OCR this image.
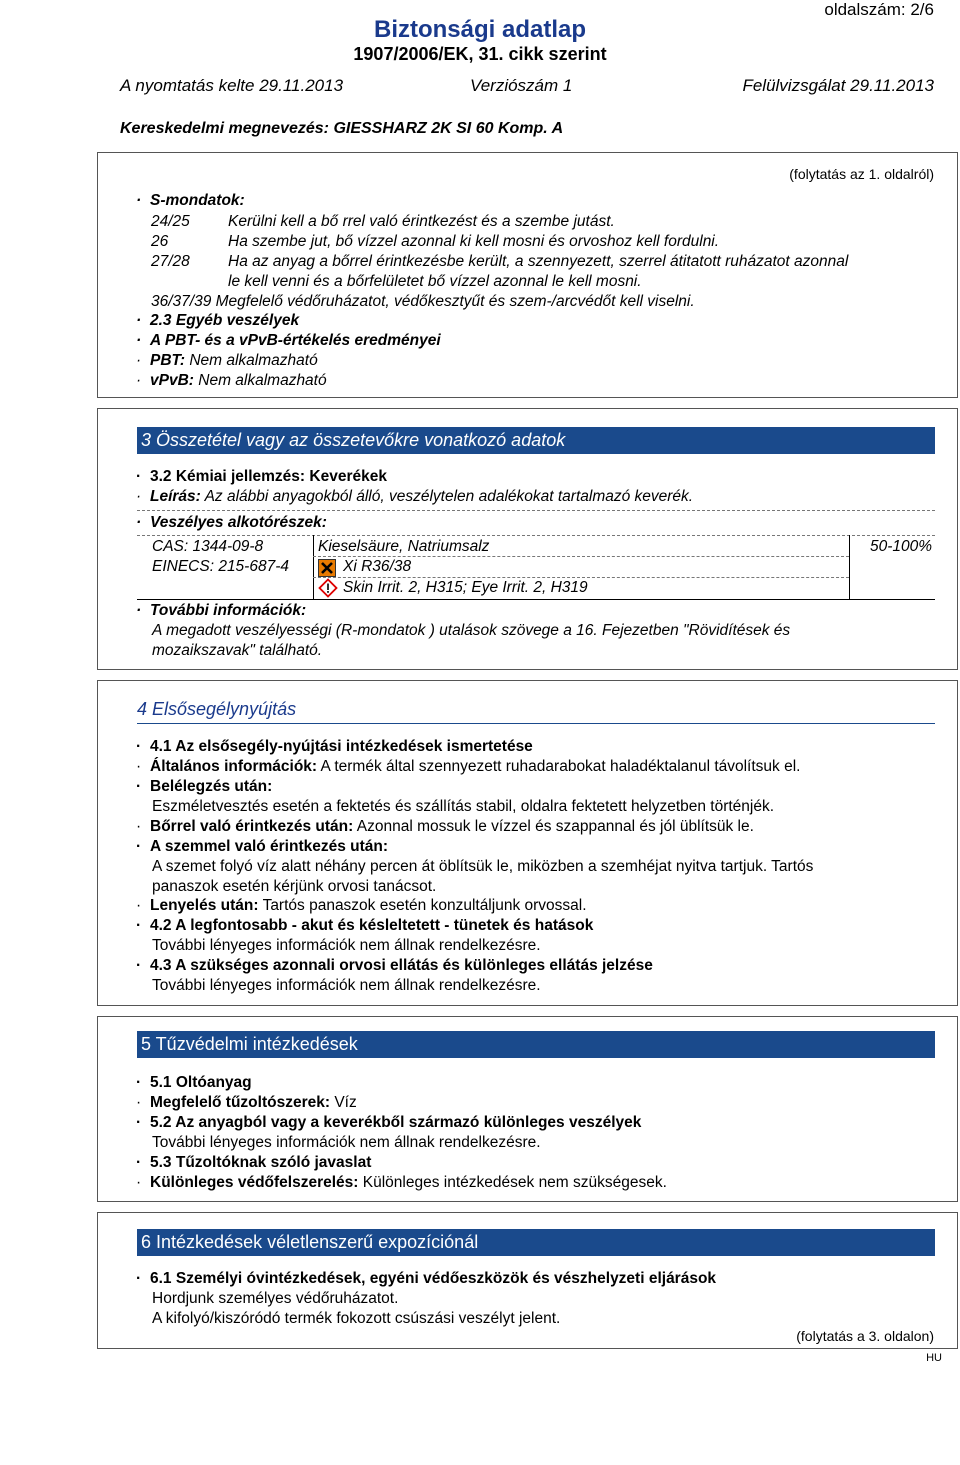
oldalszám: 2/6
Biztonsági adatlap
1907/2006/EK, 31. cikk szerint
A nyomtatás kelte 29.11.2013	Verziószám 1	Felülvizsgálat 29.11.2013
Kereskedelmi megnevezés: GIESSHARZ 2K SI 60 Komp. A
(folytatás az 1. oldalról)
· S-mondatok:
24/25 Kerülni kell a bő rrel való érintkezést és a szembe jutást.
26	Ha szembe jut, bő vízzel azonnal ki kell mosni és orvoshoz kell fordulni.
27/28 Ha az anyag a bőrrel érintkezésbe került, a szennyezett, szerrel átitatott ruházatot azonnal
le kell venni és a bőrfelületet bő vízzel azonnal le kell mosni.
36/37/39 Megfelelő védőruházatot, védőkesztyűt és szem-/arcvédőt kell viselni.
· 2.3 Egyéb veszélyek
· A PBT- és a vPvB-értékelés eredményei
· PBT: Nem alkalmazható
· vPvB: Nem alkalmazható
3 Összetétel vagy az összetevőkre vonatkozó adatok
· 3.2 Kémiai jellemzés: Keverékek
· Leírás: Az alábbi anyagokból álló, veszélytelen adalékokat tartalmazó keverék.
· Veszélyes alkotórészek:
CAS: 1344-09-8
EINECS: 215-687-4
Kieselsäure, Natriumsalz	50-100%
Xi R36/38
Skin Irrit. 2, H315; Eye Irrit. 2, H319
· További információk:
A megadott veszélyességi (R-mondatok ) utalások szövege a 16. Fejezetben "Rövidítések és
mozaikszavak" található.
4 Elsősegélynyújtás
· 4.1 Az elsősegély-nyújtási intézkedések ismertetése
· Általános információk: A termék által szennyezett ruhadarabokat haladéktalanul távolítsuk el.
· Belélegzés után:
Eszméletvesztés esetén a fektetés és szállítás stabil, oldalra fektetett helyzetben történjék.
· Bőrrel való érintkezés után: Azonnal mossuk le vízzel és szappannal és jól üblítsük le.
· A szemmel való érintkezés után:
A szemet folyó víz alatt néhány percen át öblítsük le, miközben a szemhéjat nyitva tartjuk. Tartós
panaszok esetén kérjünk orvosi tanácsot.
· Lenyelés után: Tartós panaszok esetén konzultáljunk orvossal.
· 4.2 A legfontosabb - akut és késleltetett - tünetek és hatások
További lényeges információk nem állnak rendelkezésre.
· 4.3 A szükséges azonnali orvosi ellátás és különleges ellátás jelzése
További lényeges információk nem állnak rendelkezésre.
5 Tűzvédelmi intézkedések
· 5.1 Oltóanyag
· Megfelelő tűzoltószerek: Víz
· 5.2 Az anyagból vagy a keverékből származó különleges veszélyek
További lényeges információk nem állnak rendelkezésre.
· 5.3 Tűzoltóknak szóló javaslat
· Különleges védőfelszerelés: Különleges intézkedések nem szükségesek.
6 Intézkedések véletlenszerű expozíciónál
· 6.1 Személyi óvintézkedések, egyéni védőeszközök és vészhelyzeti eljárások
Hordjunk személyes védőruházatot.
A kifolyó/kiszóródó termék fokozott csúszási veszélyt jelent.
(folytatás a 3. oldalon)
HU
